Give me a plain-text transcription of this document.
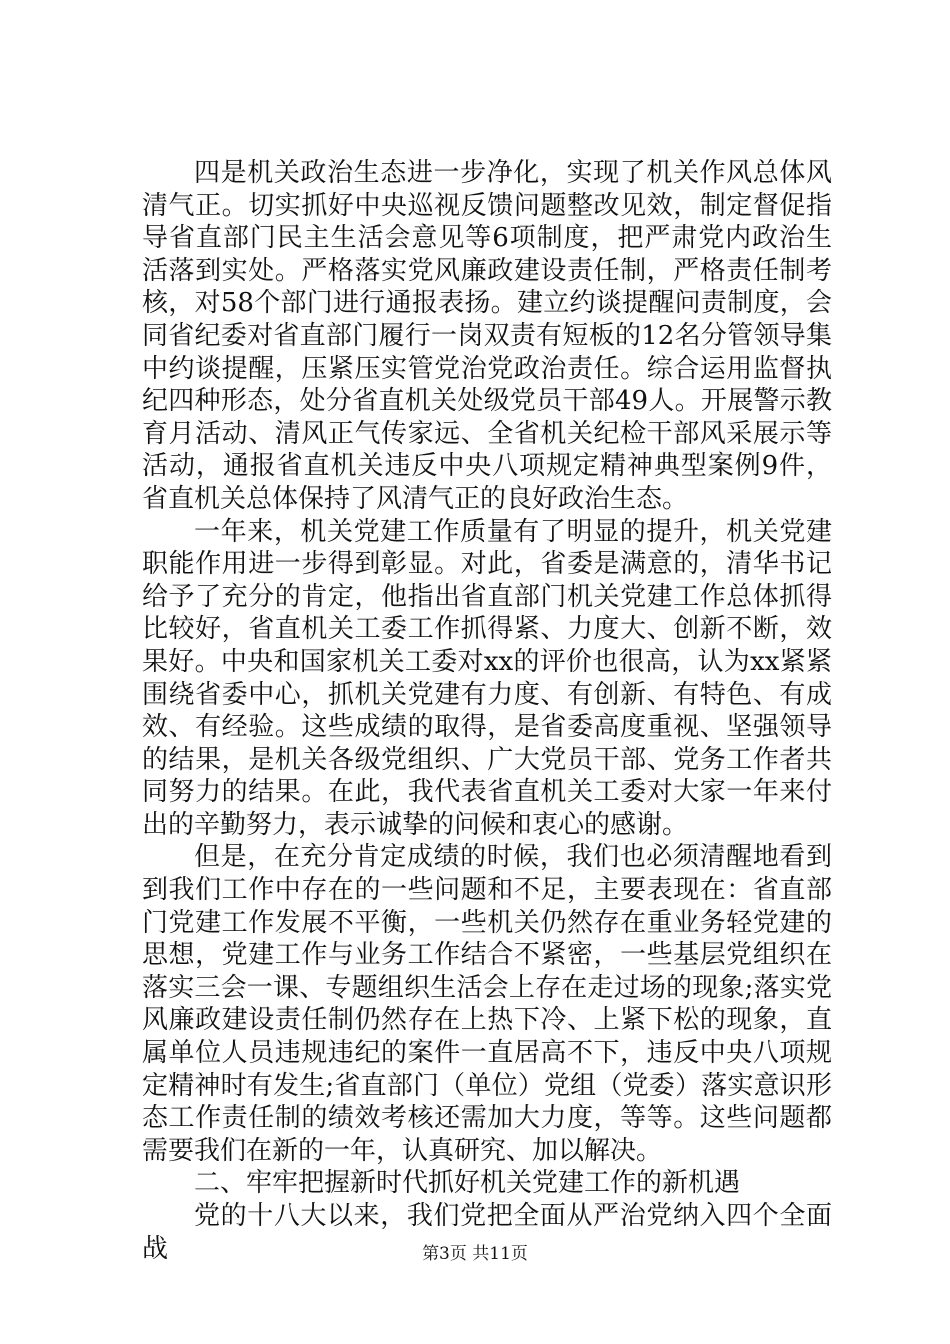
四是机关政治生态进一步净化，实现了机关作风总体风清气正。切实抓好中央巡视反馈问题整改见效，制定督促指导省直部门民主生活会意见等6项制度，把严肃党内政治生活落到实处。严格落实党风廉政建设责任制，严格责任制考核，对58个部门进行通报表扬。建立约谈提醒问责制度，会同省纪委对省直部门履行一岗双责有短板的12名分管领导集中约谈提醒，压紧压实管党治党政治责任。综合运用监督执纪四种形态，处分省直机关处级党员干部49人。开展警示教育月活动、清风正气传家远、全省机关纪检干部风采展示等活动，通报省直机关违反中央八项规定精神典型案例9件，省直机关总体保持了风清气正的良好政治生态。

一年来，机关党建工作质量有了明显的提升，机关党建职能作用进一步得到彰显。对此，省委是满意的，清华书记给予了充分的肯定，他指出省直部门机关党建工作总体抓得比较好，省直机关工委工作抓得紧、力度大、创新不断，效果好。中央和国家机关工委对xx的评价也很高，认为xx紧紧围绕省委中心，抓机关党建有力度、有创新、有特色、有成效、有经验。这些成绩的取得，是省委高度重视、坚强领导的结果，是机关各级党组织、广大党员干部、党务工作者共同努力的结果。在此，我代表省直机关工委对大家一年来付出的辛勤努力，表示诚挚的问候和衷心的感谢。

但是，在充分肯定成绩的时候，我们也必须清醒地看到到我们工作中存在的一些问题和不足，主要表现在：省直部门党建工作发展不平衡，一些机关仍然存在重业务轻党建的思想，党建工作与业务工作结合不紧密，一些基层党组织在落实三会一课、专题组织生活会上存在走过场的现象;落实党风廉政建设责任制仍然存在上热下冷、上紧下松的现象，直属单位人员违规违纪的案件一直居高不下，违反中央八项规定精神时有发生;省直部门（单位）党组（党委）落实意识形态工作责任制的绩效考核还需加大力度，等等。这些问题都需要我们在新的一年，认真研究、加以解决。

二、牢牢把握新时代抓好机关党建工作的新机遇

党的十八大以来，我们党把全面从严治党纳入四个全面战	第3页 共11页
